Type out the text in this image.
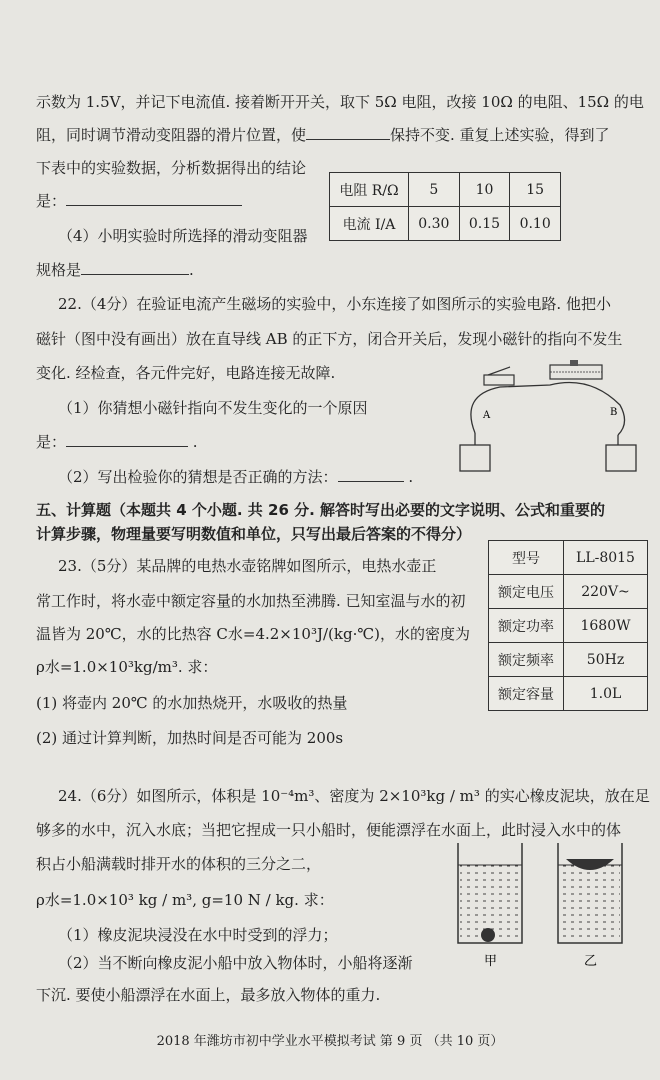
示数为 1.5V，并记下电流值. 接着断开开关，取下 5Ω 电阻，改接 10Ω 的电阻、15Ω 的电
阻，同时调节滑动变阻器的滑片位置，使	保持不变. 重复上述实验，得到了
下表中的实验数据，分析数据得出的结论
是：
（4）小明实验时所选择的滑动变阻器
规格是	.
电阻 R/Ω	5	10	15
电流 I/A	0.30	0.15	0.10
22.（4分）在验证电流产生磁场的实验中，小东连接了如图所示的实验电路. 他把小
磁针（图中没有画出）放在直导线 AB 的正下方，闭合开关后，发现小磁针的指向不发生
变化. 经检查，各元件完好，电路连接无故障.
（1）你猜想小磁针指向不发生变化的一个原因
是：	.
（2）写出检验你的猜想是否正确的方法：	.
A	B
五、计算题（本题共 4 个小题. 共 26 分. 解答时写出必要的文字说明、公式和重要的
计算步骤，物理量要写明数值和单位，只写出最后答案的不得分）
23.（5分）某品牌的电热水壶铭牌如图所示，电热水壶正
常工作时，将水壶中额定容量的水加热至沸腾. 已知室温与水的初
温皆为 20℃，水的比热容 C水=4.2×10³J/(kg·℃)，水的密度为
ρ水=1.0×10³kg/m³. 求：
(1) 将壶内 20℃ 的水加热烧开，水吸收的热量
(2) 通过计算判断，加热时间是否可能为 200s
型号	LL-8015
额定电压	220V~
额定功率	1680W
额定频率	50Hz
额定容量	1.0L
24.（6分）如图所示，体积是 10⁻⁴m³、密度为 2×10³kg / m³ 的实心橡皮泥块，放在足
够多的水中，沉入水底；当把它捏成一只小船时，便能漂浮在水面上，此时浸入水中的体
积占小船满载时排开水的体积的三分之二，
ρ水=1.0×10³ kg / m³, g=10 N / kg. 求：
（1）橡皮泥块浸没在水中时受到的浮力；
（2）当不断向橡皮泥小船中放入物体时，小船将逐渐
下沉. 要使小船漂浮在水面上，最多放入物体的重力.
甲	乙
2018 年潍坊市初中学业水平模拟考试 第 9 页 （共 10 页）
